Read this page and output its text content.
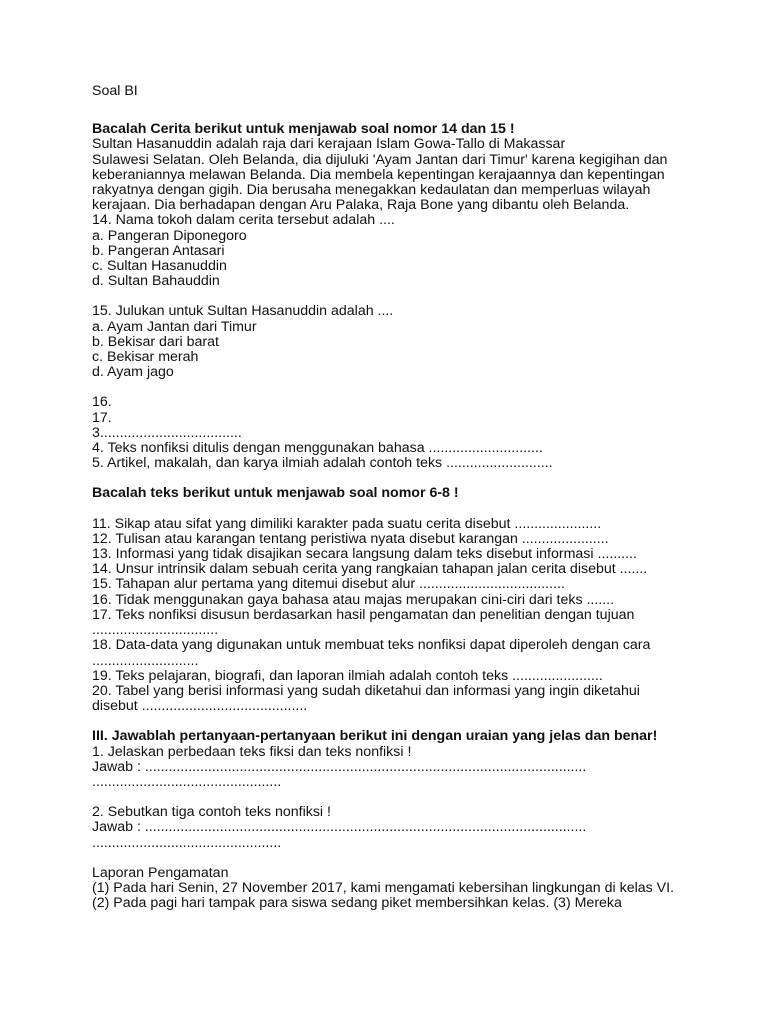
Soal BI
Bacalah Cerita berikut untuk menjawab soal nomor 14 dan 15 !
Sultan Hasanuddin adalah raja dari kerajaan Islam Gowa-Tallo di Makassar
Sulawesi Selatan. Oleh Belanda, dia dijuluki 'Ayam Jantan dari Timur' karena kegigihan dan
keberaniannya melawan Belanda. Dia membela kepentingan kerajaannya dan kepentingan
rakyatnya dengan gigih. Dia berusaha menegakkan kedaulatan dan memperluas wilayah
kerajaan. Dia berhadapan dengan Aru Palaka, Raja Bone yang dibantu oleh Belanda.
14. Nama tokoh dalam cerita tersebut adalah ....
a. Pangeran Diponegoro
b. Pangeran Antasari
c. Sultan Hasanuddin
d. Sultan Bahauddin
15. Julukan untuk Sultan Hasanuddin adalah ....
a. Ayam Jantan dari Timur
b. Bekisar dari barat
c. Bekisar merah
d. Ayam jago
16.
17.
3....................................
4. Teks nonfiksi ditulis dengan menggunakan bahasa .............................
5. Artikel, makalah, dan karya ilmiah adalah contoh teks ...........................
Bacalah teks berikut untuk menjawab soal nomor 6-8 !
11. Sikap atau sifat yang dimiliki karakter pada suatu cerita disebut ......................
12. Tulisan atau karangan tentang peristiwa nyata disebut karangan ......................
13. Informasi yang tidak disajikan secara langsung dalam teks disebut informasi ..........
14. Unsur intrinsik dalam sebuah cerita yang rangkaian tahapan jalan cerita disebut .......
15. Tahapan alur pertama yang ditemui disebut alur .....................................
16. Tidak menggunakan gaya bahasa atau majas merupakan cini-ciri dari teks .......
17. Teks nonfiksi disusun berdasarkan hasil pengamatan dan penelitian dengan tujuan
................................
18. Data-data yang digunakan untuk membuat teks nonfiksi dapat diperoleh dengan cara
...........................
19. Teks pelajaran, biografi, dan laporan ilmiah adalah contoh teks .......................
20. Tabel yang berisi informasi yang sudah diketahui dan informasi yang ingin diketahui
disebut ..........................................
III. Jawablah pertanyaan-pertanyaan berikut ini dengan uraian yang jelas dan benar!
1. Jelaskan perbedaan teks fiksi dan teks nonfiksi !
Jawab : ................................................................................................................
................................................
2. Sebutkan tiga contoh teks nonfiksi !
Jawab : ................................................................................................................
................................................
Laporan Pengamatan
(1) Pada hari Senin, 27 November 2017, kami mengamati kebersihan lingkungan di kelas VI.
(2) Pada pagi hari tampak para siswa sedang piket membersihkan kelas. (3) Mereka
